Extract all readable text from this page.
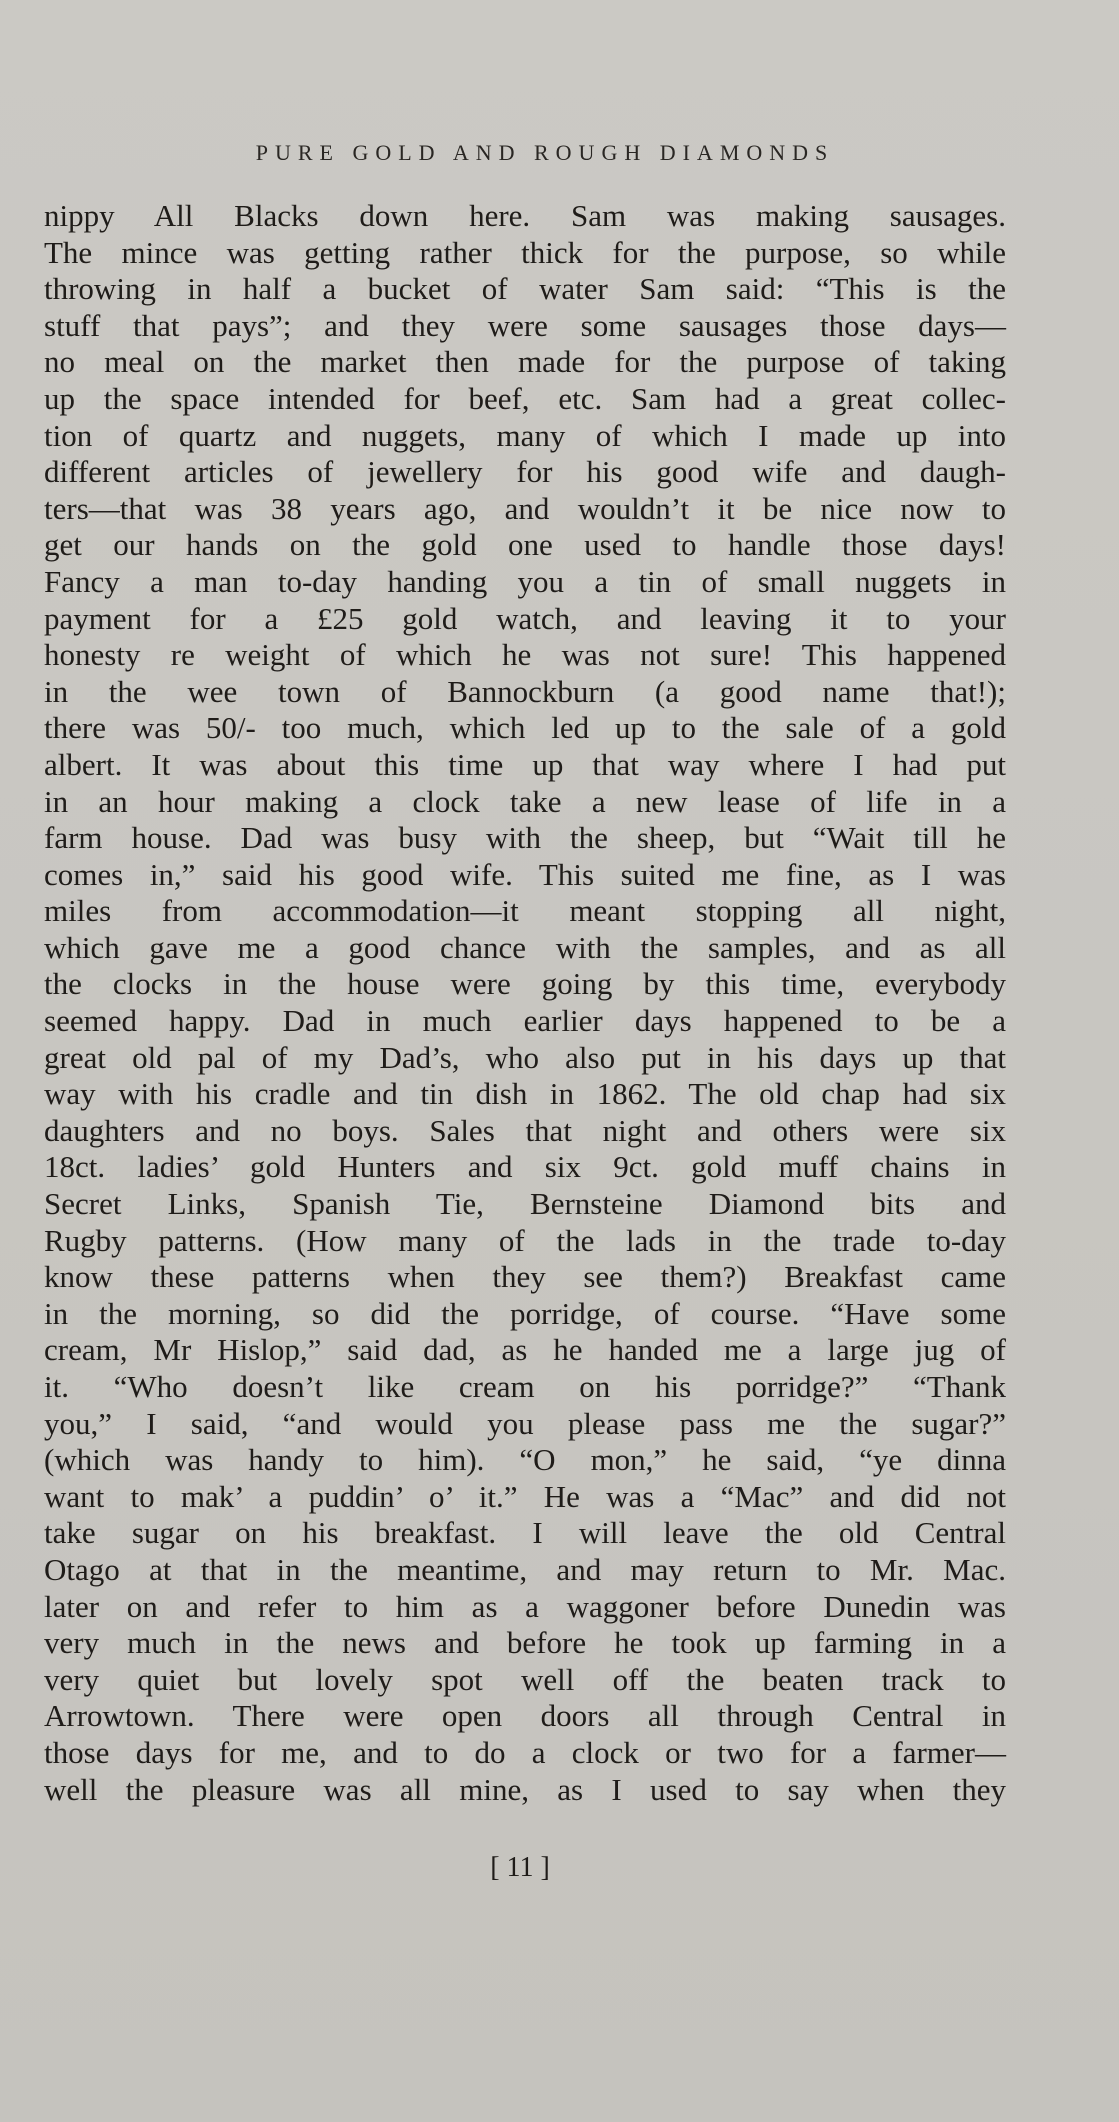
PURE GOLD AND ROUGH DIAMONDS
nippy All Blacks down here. Sam was making sausages.
The mince was getting rather thick for the purpose, so while
throwing in half a bucket of water Sam said: “This is the
stuff that pays”; and they were some sausages those days—
no meal on the market then made for the purpose of taking
up the space intended for beef, etc. Sam had a great collec-
tion of quartz and nuggets, many of which I made up into
different articles of jewellery for his good wife and daugh-
ters—that was 38 years ago, and wouldn’t it be nice now to
get our hands on the gold one used to handle those days!
Fancy a man to-day handing you a tin of small nuggets in
payment for a £25 gold watch, and leaving it to your
honesty re weight of which he was not sure! This happened
in the wee town of Bannockburn (a good name that!);
there was 50/- too much, which led up to the sale of a gold
albert. It was about this time up that way where I had put
in an hour making a clock take a new lease of life in a
farm house. Dad was busy with the sheep, but “Wait till he
comes in,” said his good wife. This suited me fine, as I was
miles from accommodation—it meant stopping all night,
which gave me a good chance with the samples, and as all
the clocks in the house were going by this time, everybody
seemed happy. Dad in much earlier days happened to be a
great old pal of my Dad’s, who also put in his days up that
way with his cradle and tin dish in 1862. The old chap had six
daughters and no boys. Sales that night and others were six
18ct. ladies’ gold Hunters and six 9ct. gold muff chains in
Secret Links, Spanish Tie, Bernsteine Diamond bits and
Rugby patterns. (How many of the lads in the trade to-day
know these patterns when they see them?) Breakfast came
in the morning, so did the porridge, of course. “Have some
cream, Mr Hislop,” said dad, as he handed me a large jug of
it. “Who doesn’t like cream on his porridge?” “Thank
you,” I said, “and would you please pass me the sugar?”
(which was handy to him). “O mon,” he said, “ye dinna
want to mak’ a puddin’ o’ it.” He was a “Mac” and did not
take sugar on his breakfast. I will leave the old Central
Otago at that in the meantime, and may return to Mr. Mac.
later on and refer to him as a waggoner before Dunedin was
very much in the news and before he took up farming in a
very quiet but lovely spot well off the beaten track to
Arrowtown. There were open doors all through Central in
those days for me, and to do a clock or two for a farmer—
well the pleasure was all mine, as I used to say when they
[ 11 ]
